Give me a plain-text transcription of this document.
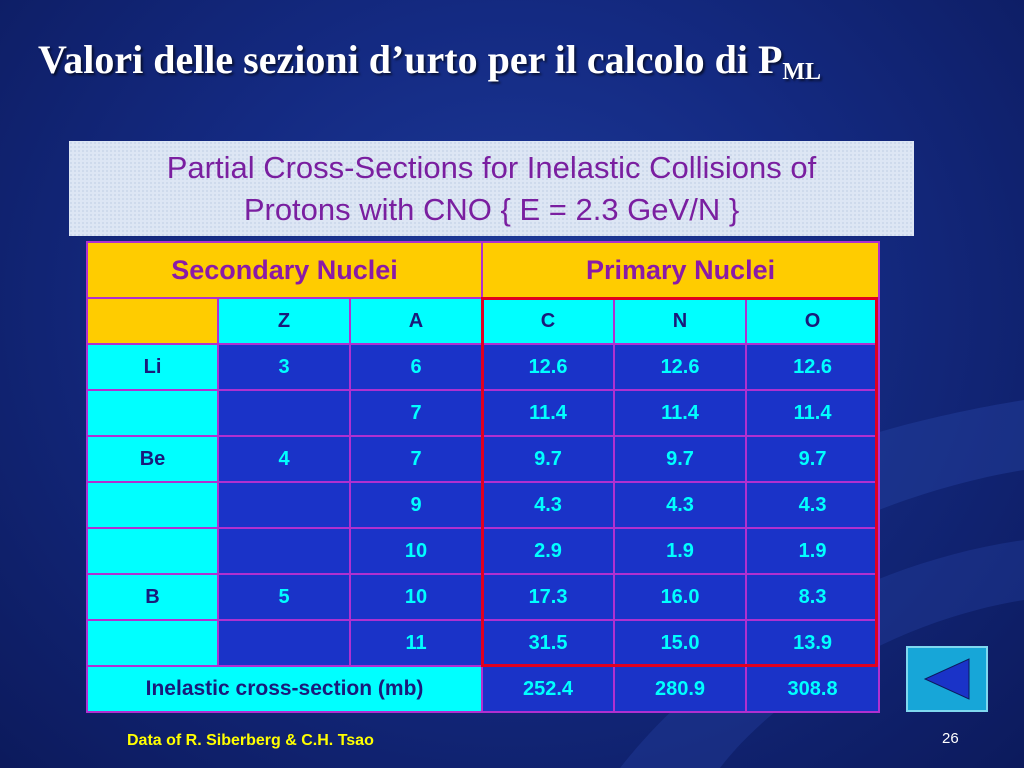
Valori delle sezioni d’urto per il calcolo di $P_{ML}$
Partial Cross-Sections for Inelastic Collisions of
Protons with CNO { E = 2.3 GeV/N }
Secondary Nuclei			Primary Nuclei		
	Z	A	C	N	O
Li	3	6	12.6	12.6	12.6
		7	11.4	11.4	11.4
Be	4	7	9.7	9.7	9.7
		9	4.3	4.3	4.3
		10	2.9	1.9	1.9
B	5	10	17.3	16.0	8.3
		11	31.5	15.0	13.9
Inelastic cross-section (mb)			252.4	280.9	308.8
Data of R. Siberberg & C.H. Tsao	26
